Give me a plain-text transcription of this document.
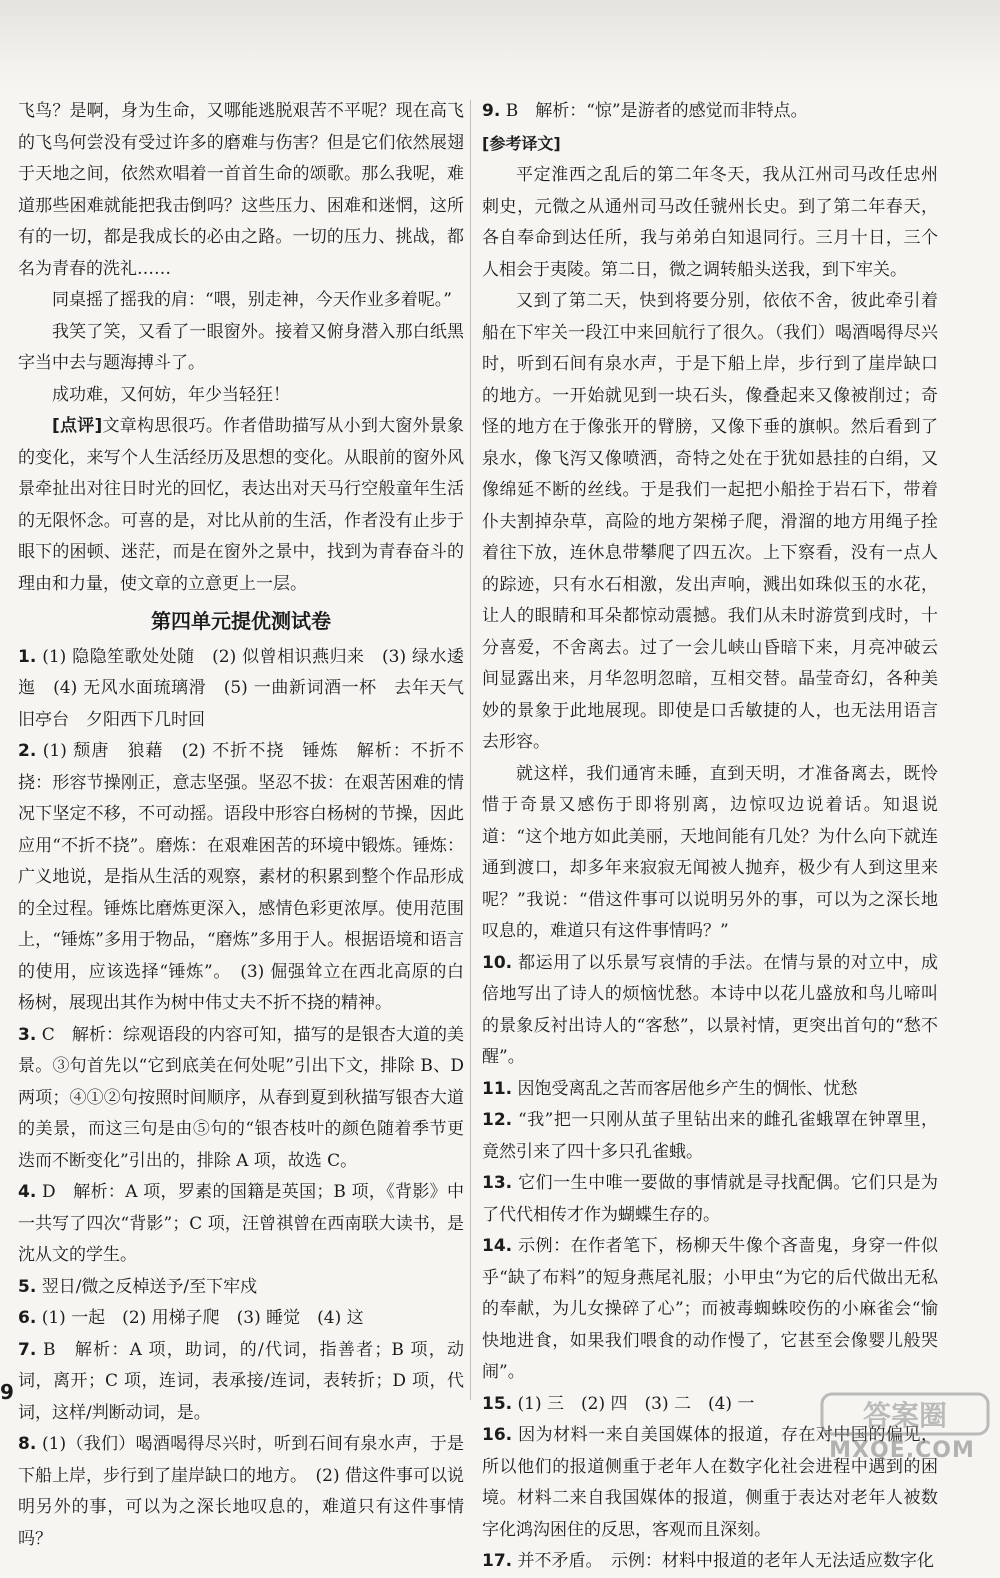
飞鸟？是啊，身为生命，又哪能逃脱艰苦不平呢？现在高飞的飞鸟何尝没有受过许多的磨难与伤害？但是它们依然展翅于天地之间，依然欢唱着一首首生命的颂歌。那么我呢，难道那些困难就能把我击倒吗？这些压力、困难和迷惘，这所有的一切，都是我成长的必由之路。一切的压力、挑战，都名为青春的洗礼……

同桌摇了摇我的肩：“喂，别走神，今天作业多着呢。”

我笑了笑，又看了一眼窗外。接着又俯身潜入那白纸黑字当中去与题海搏斗了。

成功难，又何妨，年少当轻狂！

[点评]文章构思很巧。作者借助描写从小到大窗外景象的变化，来写个人生活经历及思想的变化。从眼前的窗外风景牵扯出对往日时光的回忆，表达出对天马行空般童年生活的无限怀念。可喜的是，对比从前的生活，作者没有止步于眼下的困顿、迷茫，而是在窗外之景中，找到为青春奋斗的理由和力量，使文章的立意更上一层。

第四单元提优测试卷

1. (1) 隐隐笙歌处处随　(2) 似曾相识燕归来　(3) 绿水逶迤　(4) 无风水面琉璃滑　(5) 一曲新词酒一杯　去年天气旧亭台　夕阳西下几时回

2. (1) 颓唐　狼藉　(2) 不折不挠　锤炼　解析：不折不挠：形容节操刚正，意志坚强。坚忍不拔：在艰苦困难的情况下坚定不移，不可动摇。语段中形容白杨树的节操，因此应用“不折不挠”。磨炼：在艰难困苦的环境中锻炼。锤炼：广义地说，是指从生活的观察，素材的积累到整个作品形成的全过程。锤炼比磨炼更深入，感情色彩更浓厚。使用范围上，“锤炼”多用于物品，“磨炼”多用于人。根据语境和语言的使用，应该选择“锤炼”。　(3) 倔强耸立在西北高原的白杨树，展现出其作为树中伟丈夫不折不挠的精神。

3. C　解析：综观语段的内容可知，描写的是银杏大道的美景。③句首先以“它到底美在何处呢”引出下文，排除 B、D 两项；④①②句按照时间顺序，从春到夏到秋描写银杏大道的美景，而这三句是由⑤句的“银杏枝叶的颜色随着季节更迭而不断变化”引出的，排除 A 项，故选 C。

4. D　解析：A 项，罗素的国籍是英国；B 项，《背影》中一共写了四次“背影”；C 项，汪曾祺曾在西南联大读书，是沈从文的学生。

5. 翌日/微之反棹送予/至下牢戍

6. (1) 一起　(2) 用梯子爬　(3) 睡觉　(4) 这

7. B　解析：A 项，助词，的/代词，指善者；B 项，动词，离开；C 项，连词，表承接/连词，表转折；D 项，代词，这样/判断动词，是。

8. (1)（我们）喝酒喝得尽兴时，听到石间有泉水声，于是下船上岸，步行到了崖岸缺口的地方。　(2) 借这件事可以说明另外的事，可以为之深长地叹息的，难道只有这件事情吗？

9. B　解析：“惊”是游者的感觉而非特点。

[参考译文]

平定淮西之乱后的第二年冬天，我从江州司马改任忠州刺史，元微之从通州司马改任虢州长史。到了第二年春天，各自奉命到达任所，我与弟弟白知退同行。三月十日，三个人相会于夷陵。第二日，微之调转船头送我，到下牢关。

又到了第二天，快到将要分别，依依不舍，彼此牵引着船在下牢关一段江中来回航行了很久。（我们）喝酒喝得尽兴时，听到石间有泉水声，于是下船上岸，步行到了崖岸缺口的地方。一开始就见到一块石头，像叠起来又像被削过；奇怪的地方在于像张开的臂膀，又像下垂的旗帜。然后看到了泉水，像飞泻又像喷洒，奇特之处在于犹如悬挂的白绢，又像绵延不断的丝线。于是我们一起把小船拴于岩石下，带着仆夫割掉杂草，高险的地方架梯子爬，滑溜的地方用绳子拴着往下放，连休息带攀爬了四五次。上下察看，没有一点人的踪迹，只有水石相激，发出声响，溅出如珠似玉的水花，让人的眼睛和耳朵都惊动震撼。我们从未时游赏到戌时，十分喜爱，不舍离去。过了一会儿峡山昏暗下来，月亮冲破云间显露出来，月华忽明忽暗，互相交替。晶莹奇幻，各种美妙的景象于此地展现。即使是口舌敏捷的人，也无法用语言去形容。

就这样，我们通宵未睡，直到天明，才准备离去，既怜惜于奇景又感伤于即将别离，边惊叹边说着话。知退说道：“这个地方如此美丽，天地间能有几处？为什么向下就连通到渡口，却多年来寂寂无闻被人抛弃，极少有人到这里来呢？”我说：“借这件事可以说明另外的事，可以为之深长地叹息的，难道只有这件事情吗？”

10. 都运用了以乐景写哀情的手法。在情与景的对立中，成倍地写出了诗人的烦恼忧愁。本诗中以花儿盛放和鸟儿啼叫的景象反衬出诗人的“客愁”，以景衬情，更突出首句的“愁不醒”。

11. 因饱受离乱之苦而客居他乡产生的惆怅、忧愁

12. “我”把一只刚从茧子里钻出来的雌孔雀蛾罩在钟罩里，竟然引来了四十多只孔雀蛾。

13. 它们一生中唯一要做的事情就是寻找配偶。它们只是为了代代相传才作为蝴蝶生存的。

14. 示例：在作者笔下，杨柳天牛像个吝啬鬼，身穿一件似乎“缺了布料”的短身燕尾礼服；小甲虫“为它的后代做出无私的奉献，为儿女操碎了心”；而被毒蜘蛛咬伤的小麻雀会“愉快地进食，如果我们喂食的动作慢了，它甚至会像婴儿般哭闹”。

15. (1) 三　(2) 四　(3) 二　(4) 一

16. 因为材料一来自美国媒体的报道，存在对中国的偏见，所以他们的报道侧重于老年人在数字化社会进程中遇到的困境。材料二来自我国媒体的报道，侧重于表达对老年人被数字化鸿沟困住的反思，客观而且深刻。

17. 并不矛盾。　示例：材料中报道的老年人无法适应数字化

9
答案圈
MXQE.COM
